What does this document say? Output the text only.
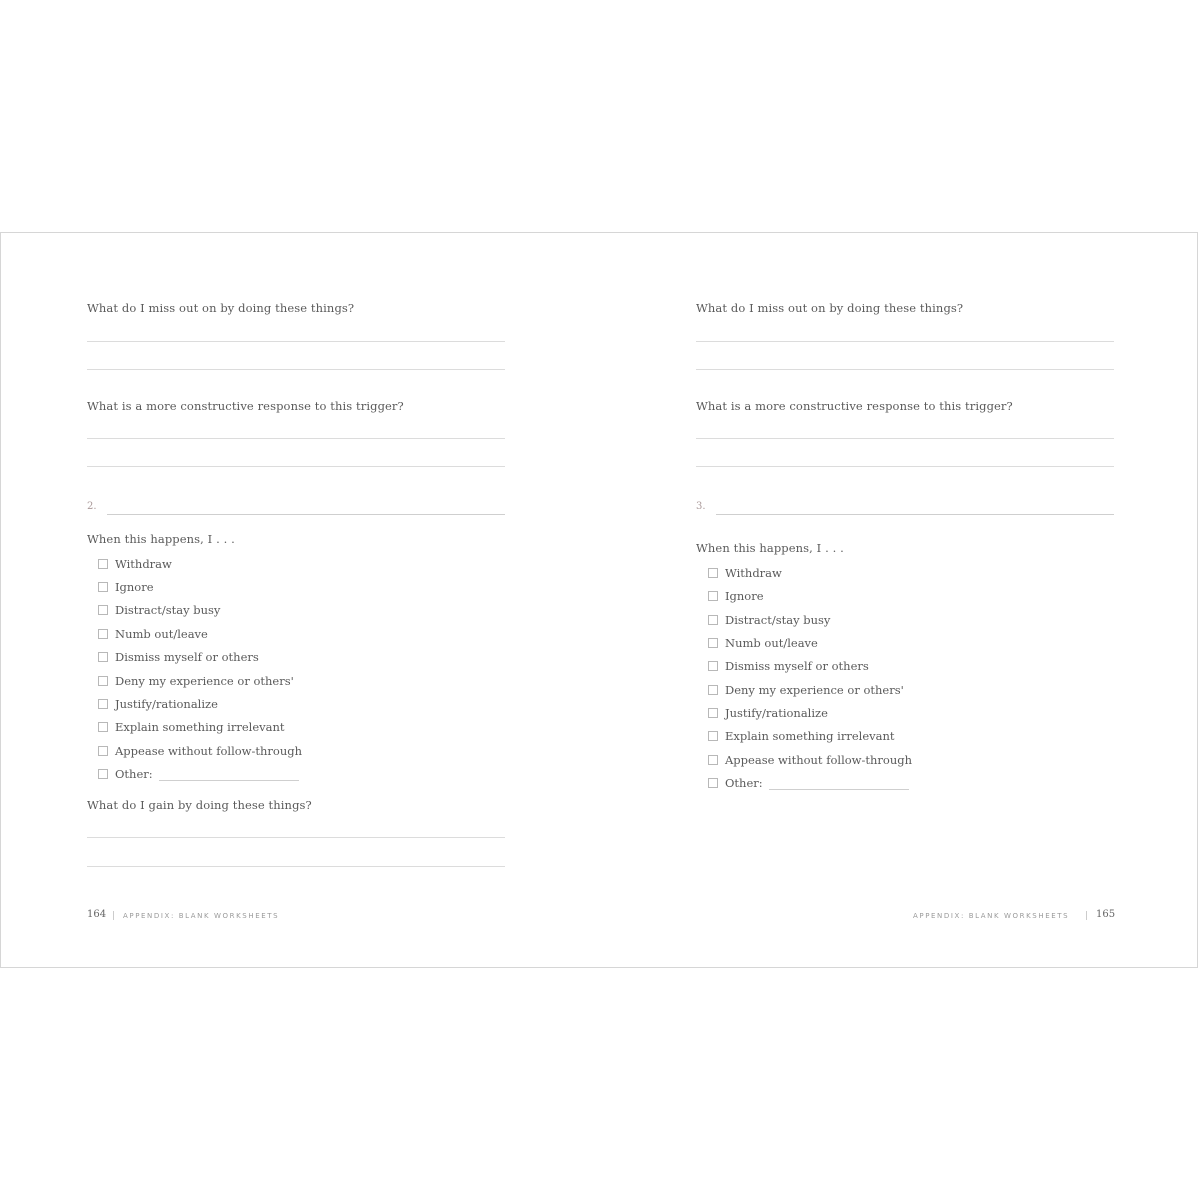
What do I miss out on by doing these things?
What is a more constructive response to this trigger?
2.
When this happens, I . . .
Withdraw
Ignore
Distract/stay busy
Numb out/leave
Dismiss myself or others
Deny my experience or others'
Justify/rationalize
Explain something irrelevant
Appease without follow-through
Other:
What do I gain by doing these things?
164 APPENDIX: BLANK WORKSHEETS
What do I miss out on by doing these things?
What is a more constructive response to this trigger?
3.
When this happens, I . . .
Withdraw
Ignore
Distract/stay busy
Numb out/leave
Dismiss myself or others
Deny my experience or others'
Justify/rationalize
Explain something irrelevant
Appease without follow-through
Other:
APPENDIX: BLANK WORKSHEETS	165
